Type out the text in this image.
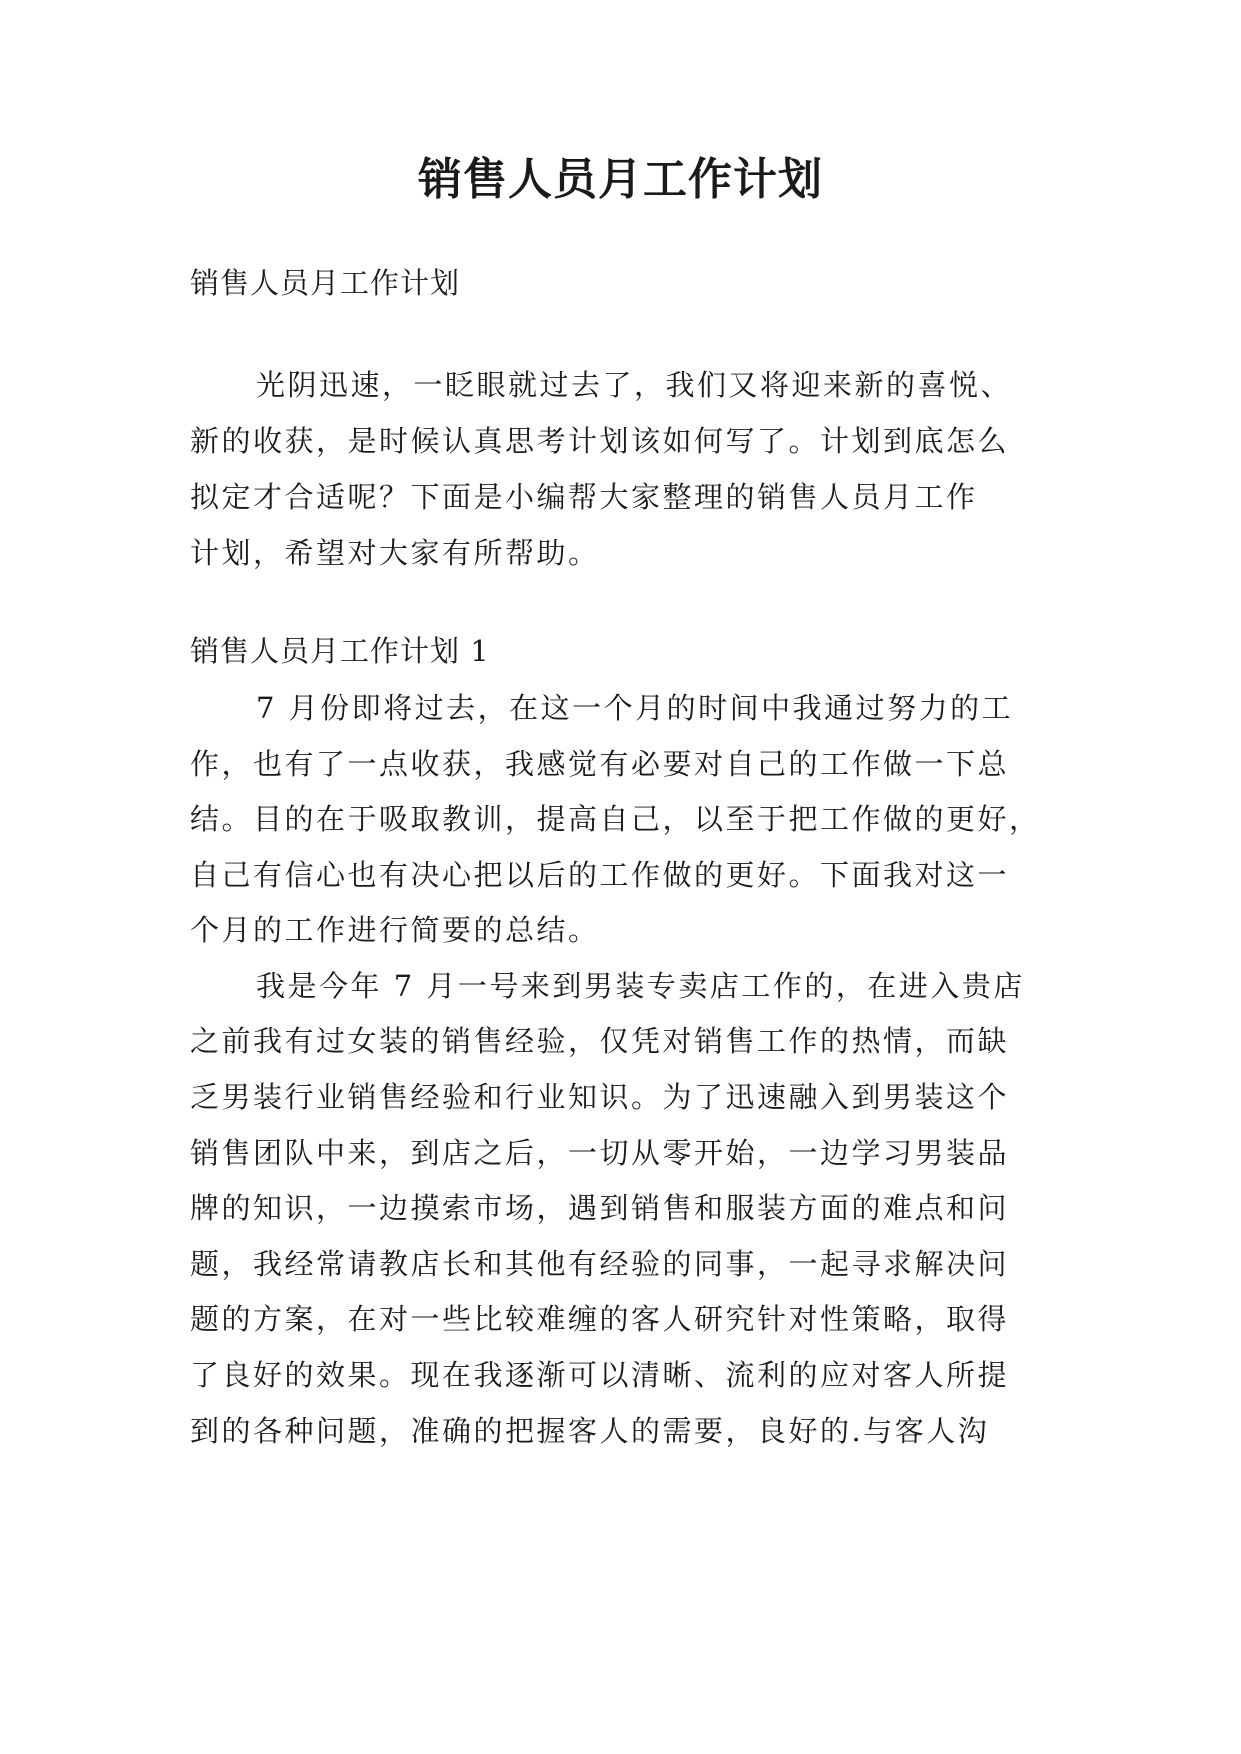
销售人员月工作计划

销售人员月工作计划

光阴迅速，一眨眼就过去了，我们又将迎来新的喜悦、

新的收获，是时候认真思考计划该如何写了。计划到底怎么

拟定才合适呢？下面是小编帮大家整理的销售人员月工作

计划，希望对大家有所帮助。

销售人员月工作计划 1

7 月份即将过去，在这一个月的时间中我通过努力的工

作，也有了一点收获，我感觉有必要对自己的工作做一下总

结。目的在于吸取教训，提高自己，以至于把工作做的更好，

自己有信心也有决心把以后的工作做的更好。下面我对这一

个月的工作进行简要的总结。

我是今年 7 月一号来到男装专卖店工作的，在进入贵店

之前我有过女装的销售经验，仅凭对销售工作的热情，而缺

乏男装行业销售经验和行业知识。为了迅速融入到男装这个

销售团队中来，到店之后，一切从零开始，一边学习男装品

牌的知识，一边摸索市场，遇到销售和服装方面的难点和问

题，我经常请教店长和其他有经验的同事，一起寻求解决问

题的方案，在对一些比较难缠的客人研究针对性策略，取得

了良好的效果。现在我逐渐可以清晰、流利的应对客人所提

到的各种问题，准确的把握客人的需要，良好的.与客人沟
